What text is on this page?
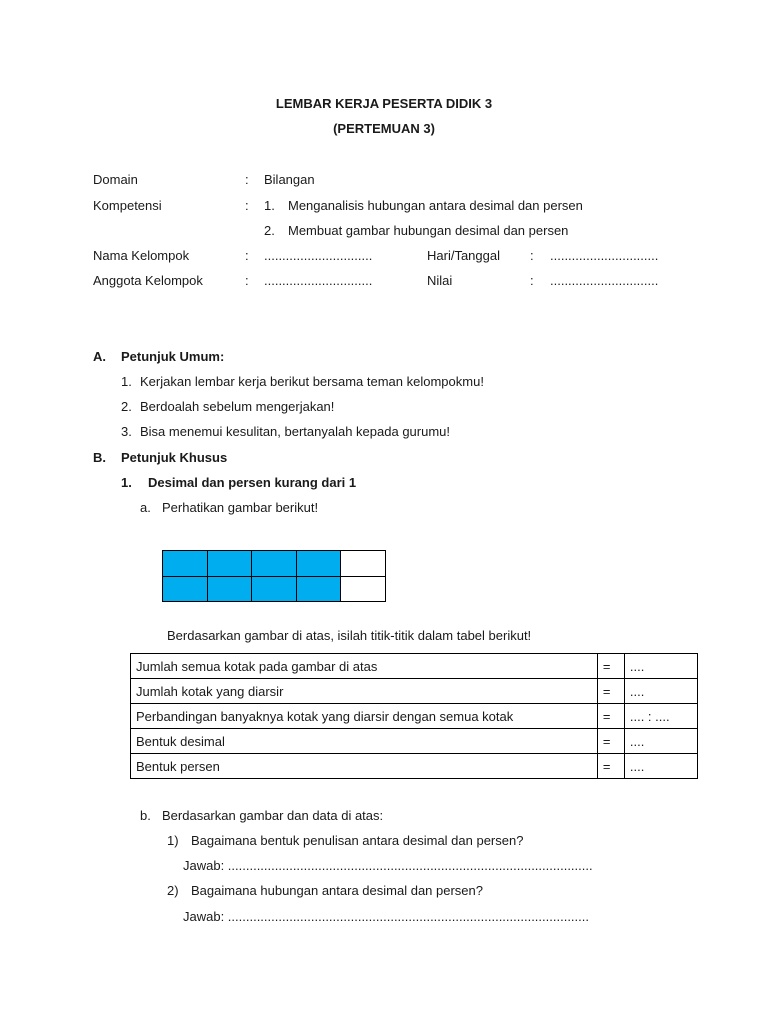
LEMBAR KERJA PESERTA DIDIK 3
(PERTEMUAN 3)
Domain	: Bilangan
Kompetensi	: 1. Menganalisis hubungan antara desimal dan persen
2. Membuat gambar hubungan desimal dan persen
Nama Kelompok	: ..............................	Hari/Tanggal : ..............................
Anggota Kelompok	: ..............................	Nilai	: ..............................
A. Petunjuk Umum:
1. Kerjakan lembar kerja berikut bersama teman kelompokmu!
2. Berdoalah sebelum mengerjakan!
3. Bisa menemui kesulitan, bertanyalah kepada gurumu!
B. Petunjuk Khusus
1. Desimal dan persen kurang dari 1
a. Perhatikan gambar berikut!

Berdasarkan gambar di atas, isilah titik-titik dalam tabel berikut!
Jumlah semua kotak pada gambar di atas	=	....
Jumlah kotak yang diarsir	=	....
Perbandingan banyaknya kotak yang diarsir dengan semua kotak	=	.... : ....
Bentuk desimal	=	....
Bentuk persen	=	....
b. Berdasarkan gambar dan data di atas:
1) Bagaimana bentuk penulisan antara desimal dan persen?
Jawab: .....................................................................................................
2) Bagaimana hubungan antara desimal dan persen?
Jawab: ....................................................................................................
